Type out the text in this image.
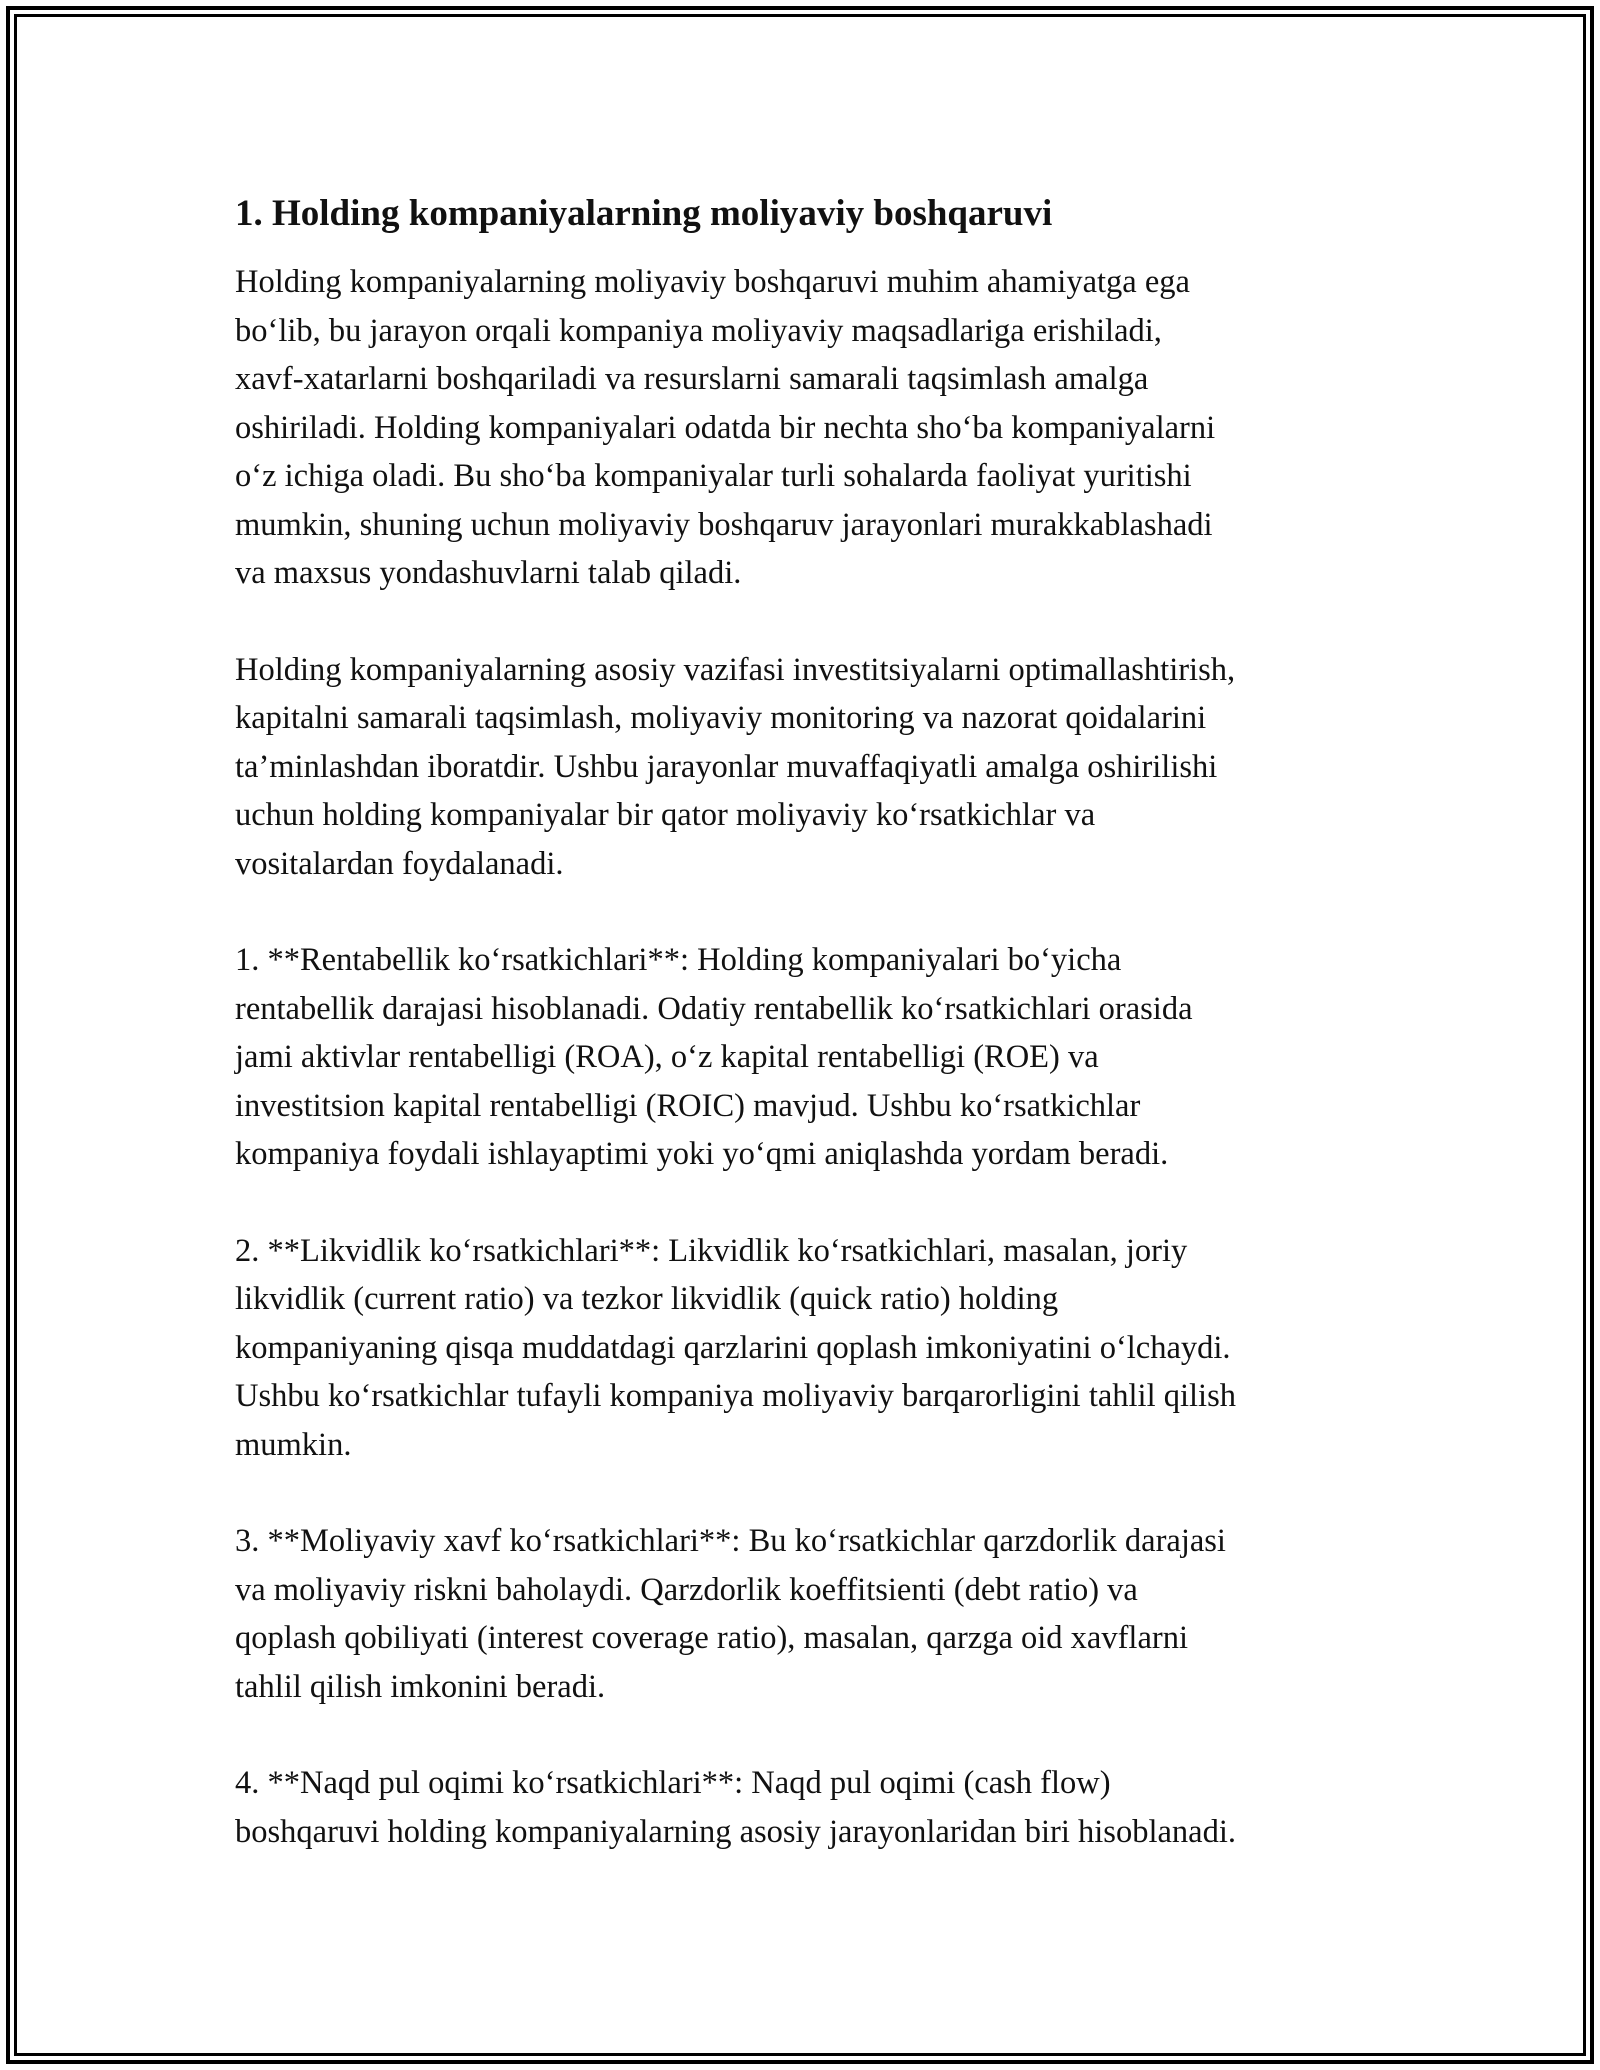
1. Holding kompaniyalarning moliyaviy boshqaruvi

Holding kompaniyalarning moliyaviy boshqaruvi muhim ahamiyatga ega
bo‘lib, bu jarayon orqali kompaniya moliyaviy maqsadlariga erishiladi,
xavf-xatarlarni boshqariladi va resurslarni samarali taqsimlash amalga
oshiriladi. Holding kompaniyalari odatda bir nechta sho‘ba kompaniyalarni
o‘z ichiga oladi. Bu sho‘ba kompaniyalar turli sohalarda faoliyat yuritishi
mumkin, shuning uchun moliyaviy boshqaruv jarayonlari murakkablashadi
va maxsus yondashuvlarni talab qiladi.

Holding kompaniyalarning asosiy vazifasi investitsiyalarni optimallashtirish,
kapitalni samarali taqsimlash, moliyaviy monitoring va nazorat qoidalarini
ta’minlashdan iboratdir. Ushbu jarayonlar muvaffaqiyatli amalga oshirilishi
uchun holding kompaniyalar bir qator moliyaviy ko‘rsatkichlar va
vositalardan foydalanadi.

1. **Rentabellik ko‘rsatkichlari**: Holding kompaniyalari bo‘yicha
rentabellik darajasi hisoblanadi. Odatiy rentabellik ko‘rsatkichlari orasida
jami aktivlar rentabelligi (ROA), o‘z kapital rentabelligi (ROE) va
investitsion kapital rentabelligi (ROIC) mavjud. Ushbu ko‘rsatkichlar
kompaniya foydali ishlayaptimi yoki yo‘qmi aniqlashda yordam beradi.

2. **Likvidlik ko‘rsatkichlari**: Likvidlik ko‘rsatkichlari, masalan, joriy
likvidlik (current ratio) va tezkor likvidlik (quick ratio) holding
kompaniyaning qisqa muddatdagi qarzlarini qoplash imkoniyatini o‘lchaydi.
Ushbu ko‘rsatkichlar tufayli kompaniya moliyaviy barqarorligini tahlil qilish
mumkin.

3. **Moliyaviy xavf ko‘rsatkichlari**: Bu ko‘rsatkichlar qarzdorlik darajasi
va moliyaviy riskni baholaydi. Qarzdorlik koeffitsienti (debt ratio) va
qoplash qobiliyati (interest coverage ratio), masalan, qarzga oid xavflarni
tahlil qilish imkonini beradi.

4. **Naqd pul oqimi ko‘rsatkichlari**: Naqd pul oqimi (cash flow)
boshqaruvi holding kompaniyalarning asosiy jarayonlaridan biri hisoblanadi.
